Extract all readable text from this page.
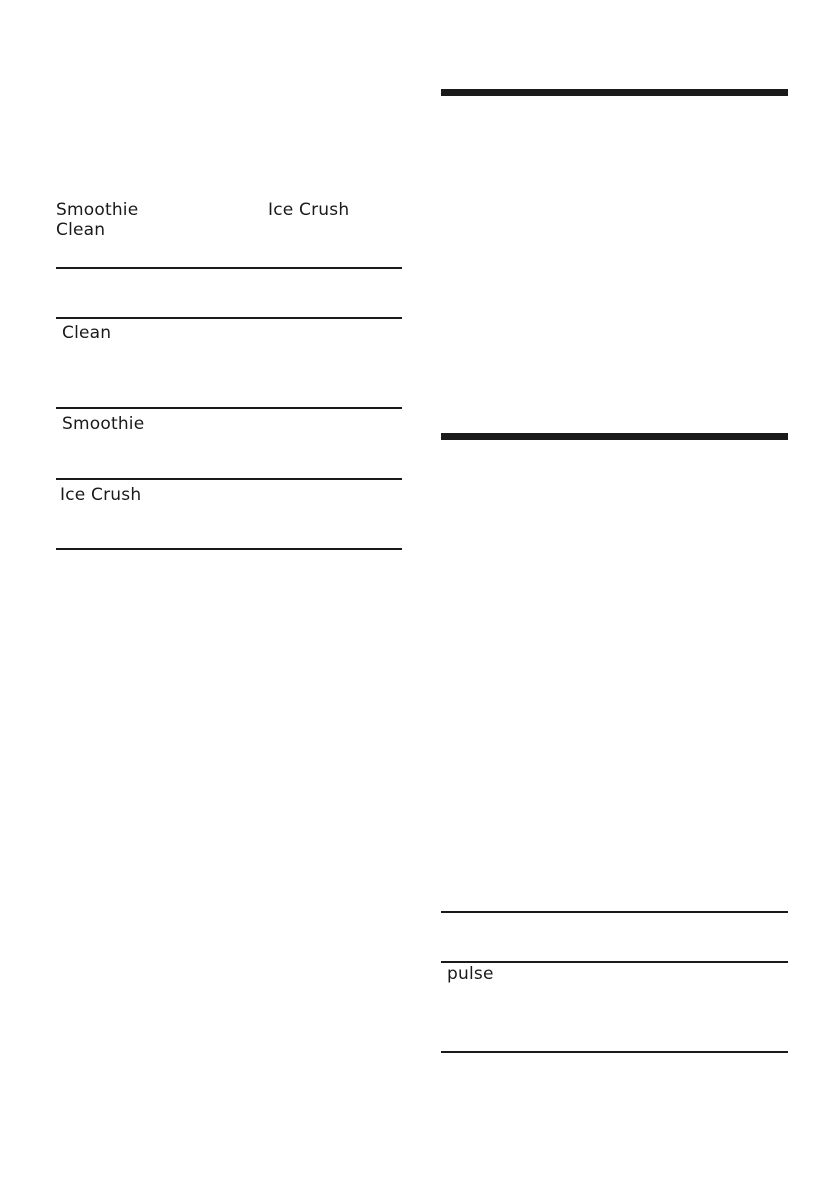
Smoothie	Ice Crush
Clean
Clean
Smoothie
Ice Crush
pulse
